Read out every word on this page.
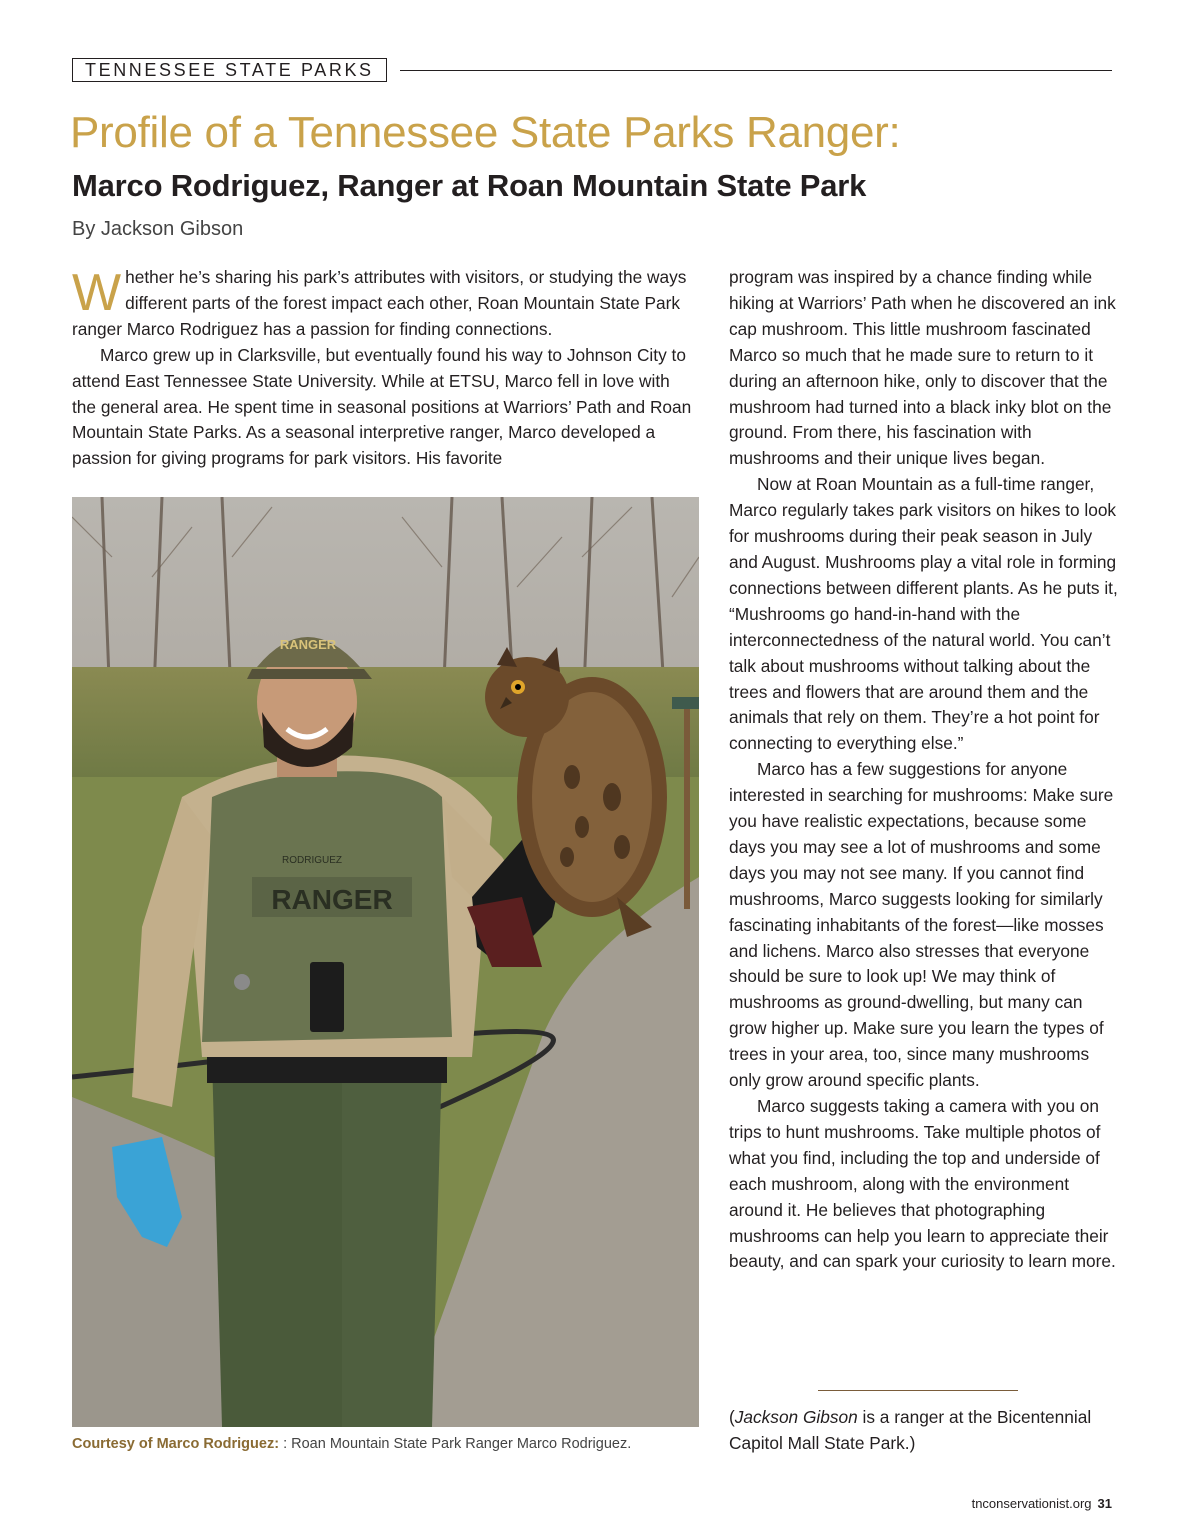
TENNESSEE STATE PARKS
Profile of a Tennessee State Parks Ranger:
Marco Rodriguez, Ranger at Roan Mountain State Park
By Jackson Gibson

Whether he’s sharing his park’s attributes with visitors, or studying the ways different parts of the forest impact each other, Roan Mountain State Park ranger Marco Rodriguez has a passion for finding connections.

Marco grew up in Clarksville, but eventually found his way to Johnson City to attend East Tennessee State University. While at ETSU, Marco fell in love with the general area. He spent time in seasonal positions at Warriors’ Path and Roan Mountain State Parks. As a seasonal interpretive ranger, Marco developed a passion for giving programs for park visitors. His favorite

RANGER
RODRIGUEZ
RANGER
Courtesy of Marco Rodriguez: : Roan Mountain State Park Ranger Marco Rodriguez.

program was inspired by a chance finding while hiking at Warriors’ Path when he discovered an ink cap mushroom. This little mushroom fascinated Marco so much that he made sure to return to it during an afternoon hike, only to discover that the mushroom had turned into a black inky blot on the ground. From there, his fascination with mushrooms and their unique lives began.

Now at Roan Mountain as a full-time ranger, Marco regularly takes park visitors on hikes to look for mushrooms during their peak season in July and August. Mushrooms play a vital role in forming connections between different plants. As he puts it, “Mushrooms go hand-in-hand with the interconnectedness of the natural world. You can’t talk about mushrooms without talking about the trees and flowers that are around them and the animals that rely on them. They’re a hot point for connecting to everything else.”

Marco has a few suggestions for anyone interested in searching for mushrooms: Make sure you have realistic expectations, because some days you may see a lot of mushrooms and some days you may not see many. If you cannot find mushrooms, Marco suggests looking for similarly fascinating inhabitants of the forest—like mosses and lichens. Marco also stresses that everyone should be sure to look up! We may think of mushrooms as ground-dwelling, but many can grow higher up. Make sure you learn the types of trees in your area, too, since many mushrooms only grow around specific plants.

Marco suggests taking a camera with you on trips to hunt mushrooms. Take multiple photos of what you find, including the top and underside of each mushroom, along with the environment around it. He believes that photographing mushrooms can help you learn to appreciate their beauty, and can spark your curiosity to learn more.

(Jackson Gibson is a ranger at the Bicentennial Capitol Mall State Park.)
tnconservationist.org 31
